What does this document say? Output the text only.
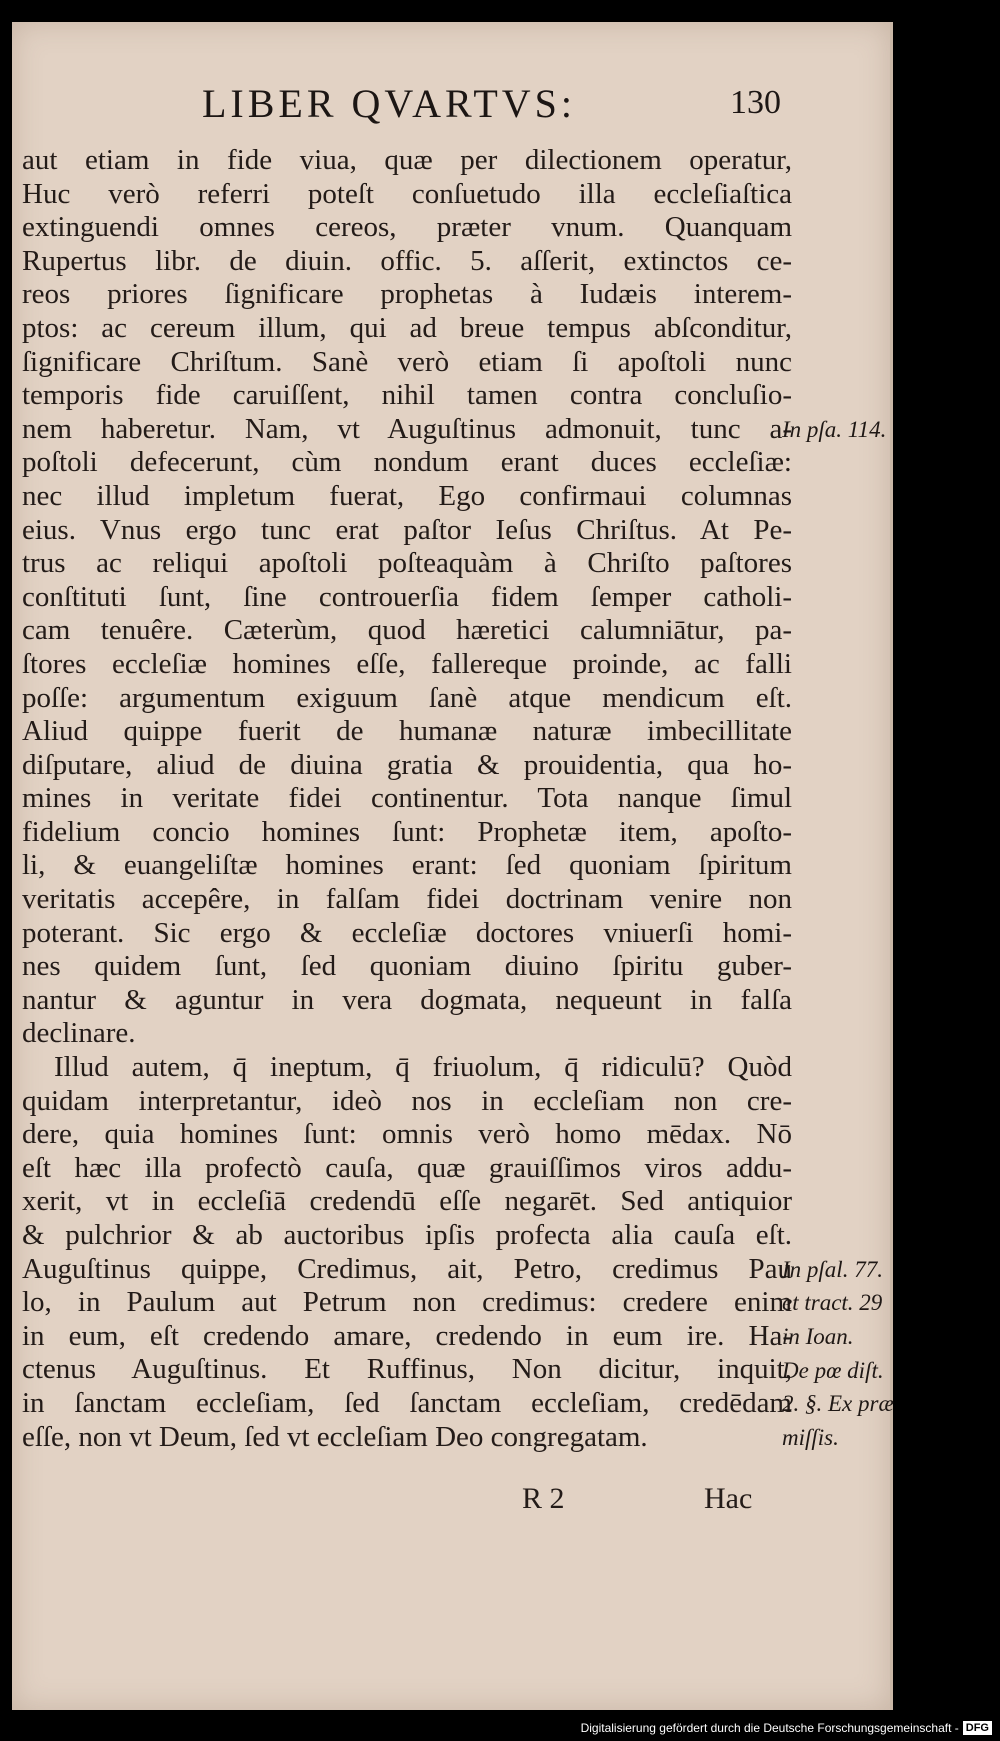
LIBER QVARTVS:	130
aut etiam in fide viua, quæ per dilectionem operatur,
Huc verò referri poteſt conſuetudo illa eccleſiaſtica
extinguendi omnes cereos, præter vnum. Quanquam
Rupertus libr. de diuin. offic. 5. aſſerit, extinctos ce-
reos priores ſignificare prophetas à Iudæis interem-
ptos: ac cereum illum, qui ad breue tempus abſconditur,
ſignificare Chriſtum. Sanè verò etiam ſi apoſtoli nunc
temporis fide caruiſſent, nihil tamen contra concluſio-
nem haberetur. Nam, vt Auguſtinus admonuit, tunc a-
poſtoli defecerunt, cùm nondum erant duces eccleſiæ:
nec illud impletum fuerat, Ego confirmaui columnas
eius. Vnus ergo tunc erat paſtor Ieſus Chriſtus. At Pe-
trus ac reliqui apoſtoli poſteaquàm à Chriſto paſtores
conſtituti ſunt, ſine controuerſia fidem ſemper catholi-
cam tenuêre. Cæterùm, quod hæretici calumniātur, pa-
ſtores eccleſiæ homines eſſe, fallereque proinde, ac falli
poſſe: argumentum exiguum ſanè atque mendicum eſt.
Aliud quippe fuerit de humanæ naturæ imbecillitate
diſputare, aliud de diuina gratia & prouidentia, qua ho-
mines in veritate fidei continentur. Tota nanque ſimul
fidelium concio homines ſunt: Prophetæ item, apoſto-
li, & euangeliſtæ homines erant: ſed quoniam ſpiritum
veritatis accepêre, in falſam fidei doctrinam venire non
poterant. Sic ergo & eccleſiæ doctores vniuerſi homi-
nes quidem ſunt, ſed quoniam diuino ſpiritu guber-
nantur & aguntur in vera dogmata, nequeunt in falſa
declinare.
Illud autem, q̄ ineptum, q̄ friuolum, q̄ ridiculū? Quòd
quidam interpretantur, ideò nos in eccleſiam non cre-
dere, quia homines ſunt: omnis verò homo mēdax. Nō
eſt hæc illa profectò cauſa, quæ grauiſſimos viros addu-
xerit, vt in eccleſiā credendū eſſe negarēt. Sed antiquior
& pulchrior & ab auctoribus ipſis profecta alia cauſa eſt.
Auguſtinus quippe, Credimus, ait, Petro, credimus Pau
lo, in Paulum aut Petrum non credimus: credere enim
in eum, eſt credendo amare, credendo in eum ire. Ha-
ctenus Auguſtinus. Et Ruffinus, Non dicitur, inquit,
in ſanctam eccleſiam, ſed ſanctam eccleſiam, credēdam
eſſe, non vt Deum, ſed vt eccleſiam Deo congregatam.
In pſa. 114.
In pſal. 77.
et tract. 29
in Ioan.
De pœ diſt.
2. §. Ex præ
miſſis.
R 2	Hac
Digitalisierung gefördert durch die Deutsche Forschungsgemeinschaft - DFG
